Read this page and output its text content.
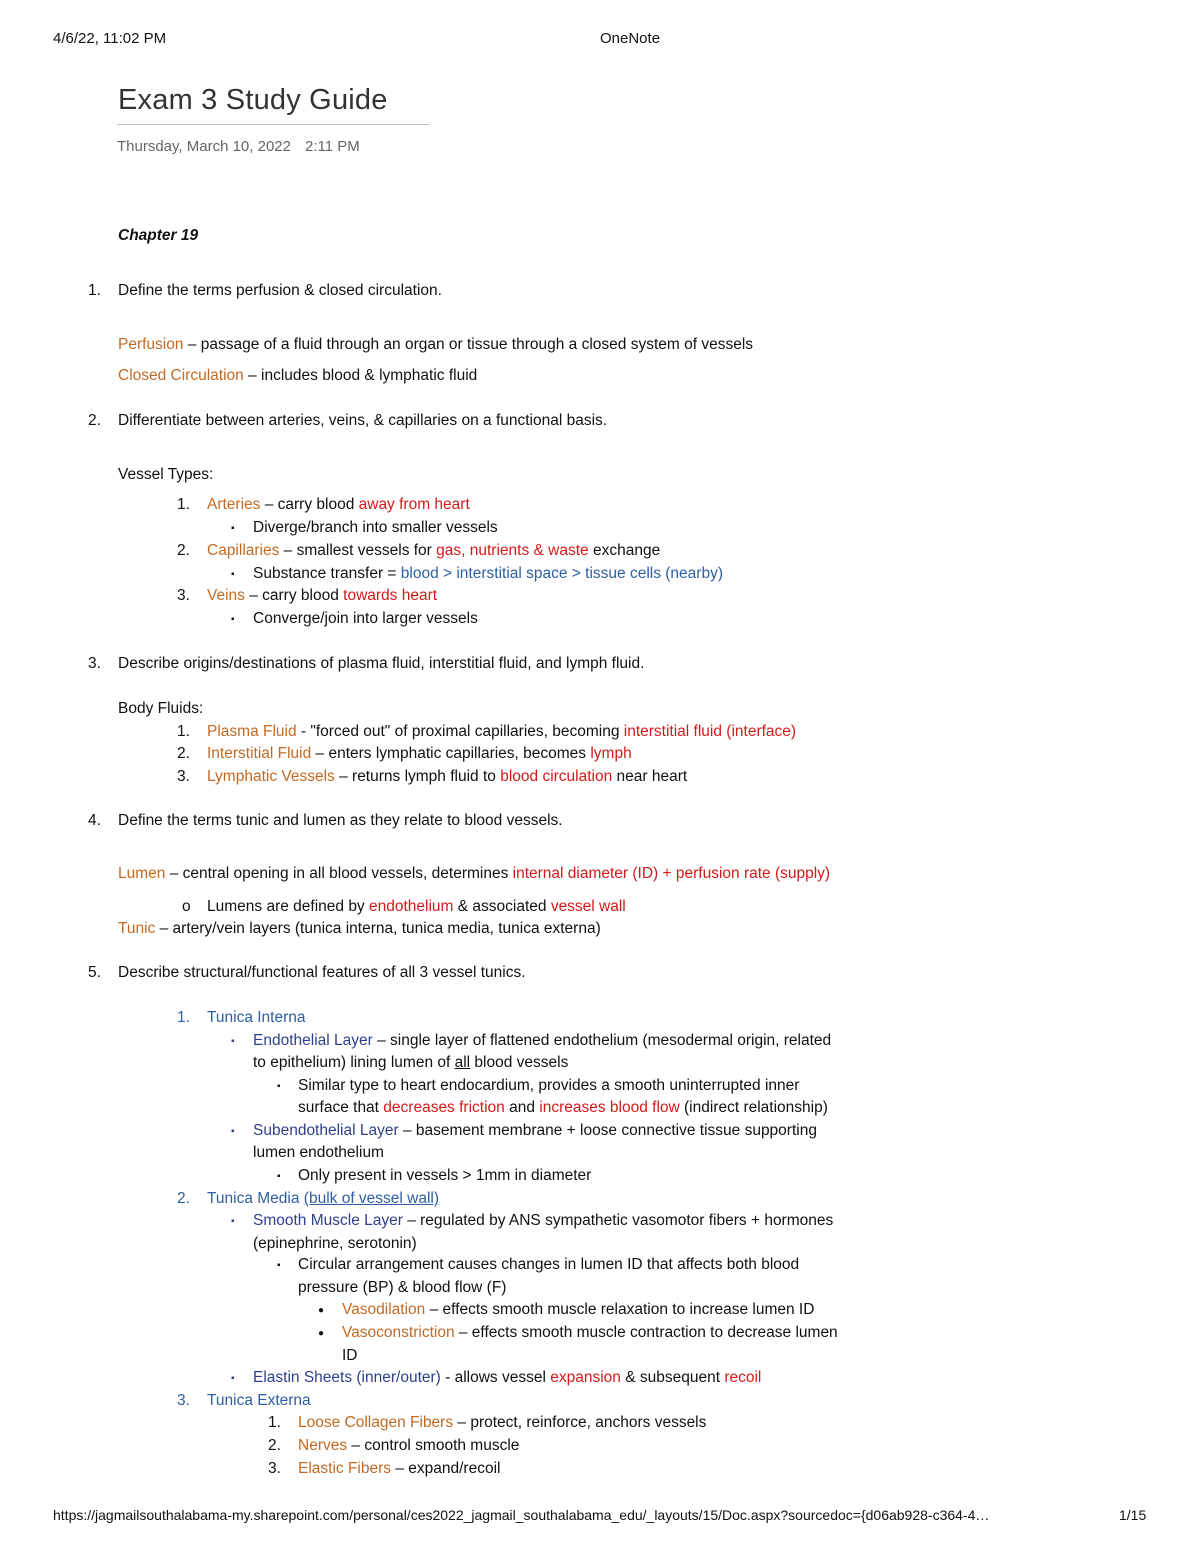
4/6/22, 11:02 PM	OneNote
Exam 3 Study Guide
Thursday, March 10, 2022 2:11 PM
Chapter 19
1. Define the terms perfusion & closed circulation.
Perfusion – passage of a fluid through an organ or tissue through a closed system of vessels
Closed Circulation – includes blood & lymphatic fluid
2. Differentiate between arteries, veins, & capillaries on a functional basis.
Vessel Types:
1. Arteries – carry blood away from heart
▪ Diverge/branch into smaller vessels
2. Capillaries – smallest vessels for gas, nutrients & waste exchange
▪ Substance transfer = blood > interstitial space > tissue cells (nearby)
3. Veins – carry blood towards heart
▪ Converge/join into larger vessels
3. Describe origins/destinations of plasma fluid, interstitial fluid, and lymph fluid.
Body Fluids:
1. Plasma Fluid - "forced out" of proximal capillaries, becoming interstitial fluid (interface)
2. Interstitial Fluid – enters lymphatic capillaries, becomes lymph
3. Lymphatic Vessels – returns lymph fluid to blood circulation near heart
4. Define the terms tunic and lumen as they relate to blood vessels.
Lumen – central opening in all blood vessels, determines internal diameter (ID) + perfusion rate (supply)
o Lumens are defined by endothelium & associated vessel wall
Tunic – artery/vein layers (tunica interna, tunica media, tunica externa)
5. Describe structural/functional features of all 3 vessel tunics.
1. Tunica Interna
▪ Endothelial Layer – single layer of flattened endothelium (mesodermal origin, related
to epithelium) lining lumen of all blood vessels
▪ Similar type to heart endocardium, provides a smooth uninterrupted inner
surface that decreases friction and increases blood flow (indirect relationship)
▪ Subendothelial Layer – basement membrane + loose connective tissue supporting
lumen endothelium
▪ Only present in vessels > 1mm in diameter
2. Tunica Media (bulk of vessel wall)
▪ Smooth Muscle Layer – regulated by ANS sympathetic vasomotor fibers + hormones
(epinephrine, serotonin)
▪ Circular arrangement causes changes in lumen ID that affects both blood
pressure (BP) & blood flow (F)
● Vasodilation – effects smooth muscle relaxation to increase lumen ID
● Vasoconstriction – effects smooth muscle contraction to decrease lumen
ID
▪ Elastin Sheets (inner/outer) - allows vessel expansion & subsequent recoil
3. Tunica Externa
1. Loose Collagen Fibers – protect, reinforce, anchors vessels
2. Nerves – control smooth muscle
3. Elastic Fibers – expand/recoil
https://jagmailsouthalabama-my.sharepoint.com/personal/ces2022_jagmail_southalabama_edu/_layouts/15/Doc.aspx?sourcedoc={d06ab928-c364-4…	1/15
